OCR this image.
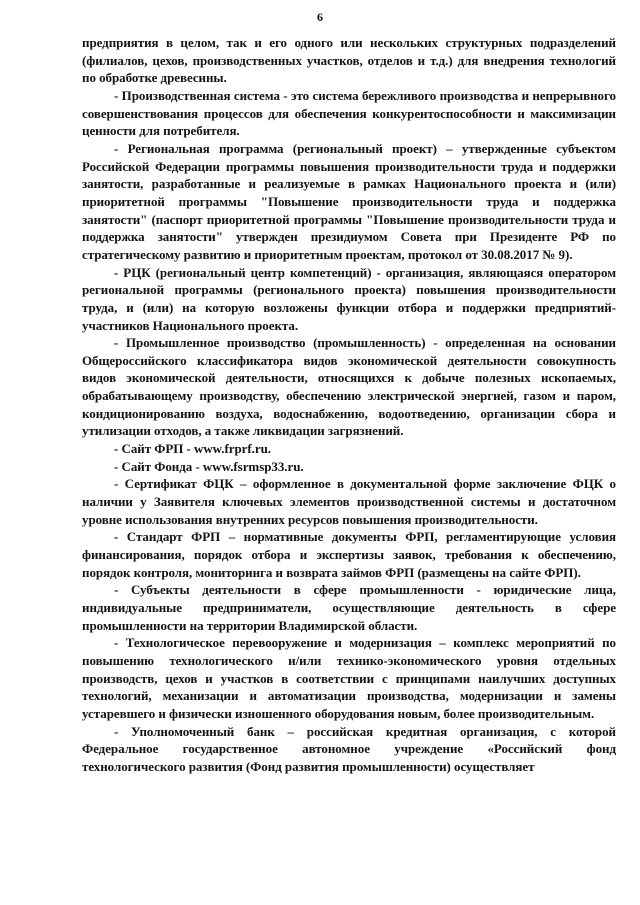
6

предприятия в целом, так и его одного или нескольких структурных подразделений (филиалов, цехов, производственных участков, отделов и т.д.) для внедрения технологий по обработке древесины.

- Производственная система - это система бережливого производства и непрерывного совершенствования процессов для обеспечения конкурентоспособности и максимизации ценности для потребителя.

- Региональная программа (региональный проект) – утвержденные субъектом Российской Федерации программы повышения производительности труда и поддержки занятости, разработанные и реализуемые в рамках Национального проекта и (или) приоритетной программы "Повышение производительности труда и поддержка занятости" (паспорт приоритетной программы "Повышение производительности труда и поддержка занятости" утвержден президиумом Совета при Президенте РФ по стратегическому развитию и приоритетным проектам, протокол от 30.08.2017 № 9).

- РЦК (региональный центр компетенций) - организация, являющаяся оператором региональной программы (регионального проекта) повышения производительности труда, и (или) на которую возложены функции отбора и поддержки предприятий-участников Национального проекта.

- Промышленное производство (промышленность) - определенная на основании Общероссийского классификатора видов экономической деятельности совокупность видов экономической деятельности, относящихся к добыче полезных ископаемых, обрабатывающему производству, обеспечению электрической энергией, газом и паром, кондиционированию воздуха, водоснабжению, водоотведению, организации сбора и утилизации отходов, а также ликвидации загрязнений.

- Сайт ФРП - www.frprf.ru.

- Сайт Фонда - www.fsrmsp33.ru.

- Сертификат ФЦК – оформленное в документальной форме заключение ФЦК о наличии у Заявителя ключевых элементов производственной системы и достаточном уровне использования внутренних ресурсов повышения производительности.

- Стандарт ФРП – нормативные документы ФРП, регламентирующие условия финансирования, порядок отбора и экспертизы заявок, требования к обеспечению, порядок контроля, мониторинга и возврата займов ФРП (размещены на сайте ФРП).

- Субъекты деятельности в сфере промышленности - юридические лица, индивидуальные предприниматели, осуществляющие деятельность в сфере промышленности на территории Владимирской области.

- Технологическое перевооружение и модернизация – комплекс мероприятий по повышению технологического и/или технико-экономического уровня отдельных производств, цехов и участков в соответствии с принципами наилучших доступных технологий, механизации и автоматизации производства, модернизации и замены устаревшего и физически изношенного оборудования новым, более производительным.

- Уполномоченный банк – российская кредитная организация, с которой Федеральное государственное автономное учреждение «Российский фонд технологического развития (Фонд развития промышленности) осуществляет
